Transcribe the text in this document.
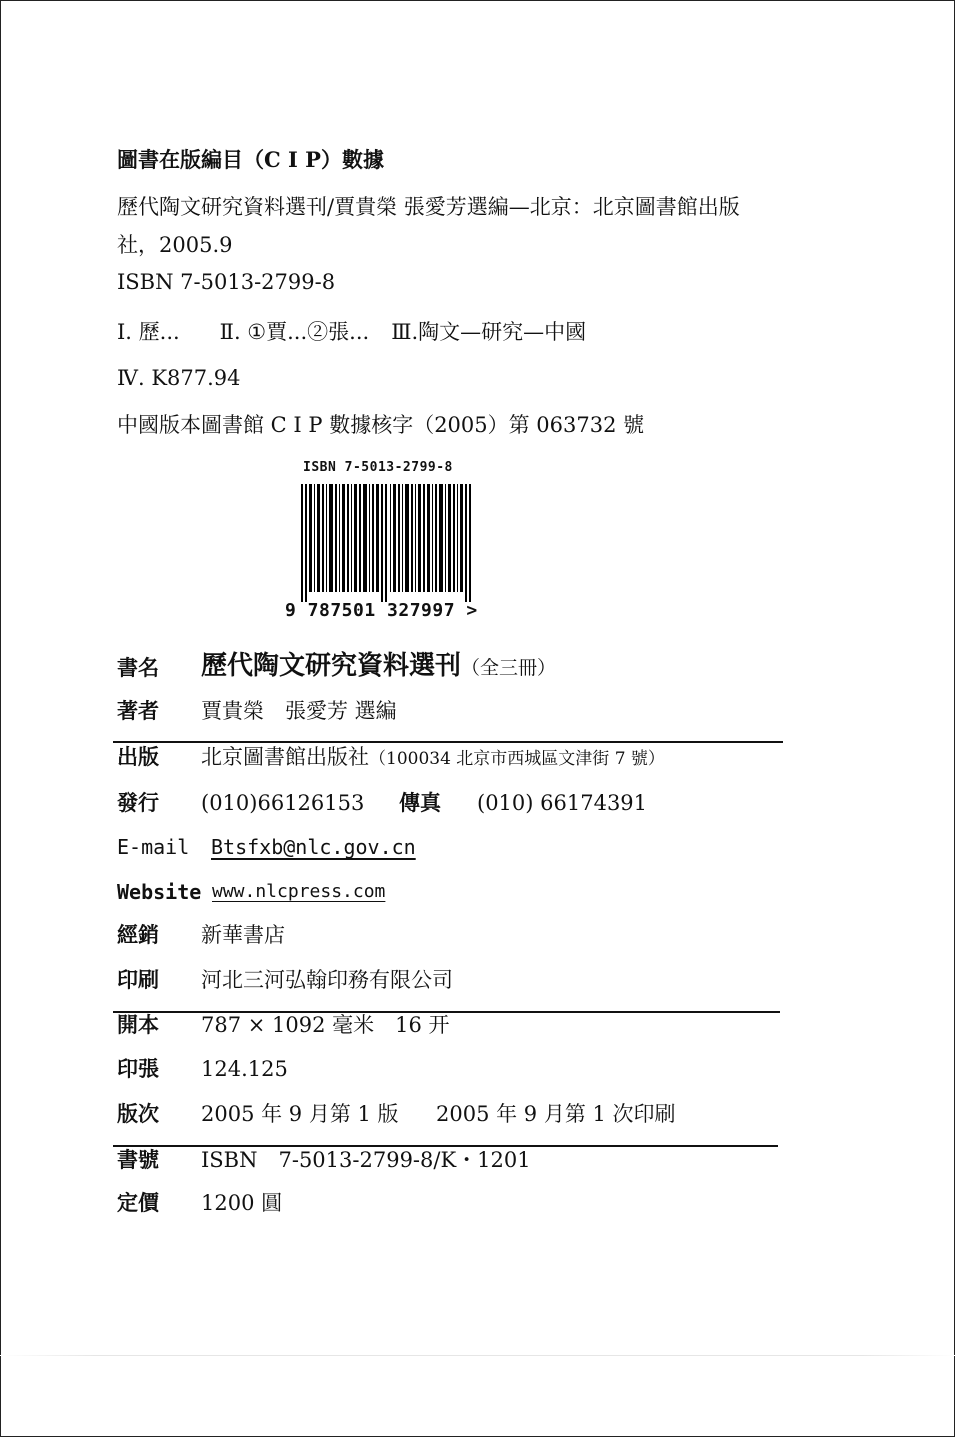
圖書在版編目（C I P）數據
歷代陶文研究資料選刊/賈貴榮 張愛芳選編—北京：北京圖書館出版
社，2005.9
ISBN 7-5013-2799-8
Ⅰ. 歷... Ⅱ. ①賈...②張... Ⅲ.陶文—研究—中國
Ⅳ. K877.94
中國版本圖書館 C I P 數據核字（2005）第 063732 號
ISBN 7-5013-2799-8
9 787501 327997 >
書名 歷代陶文研究資料選刊（全三冊）
著者 賈貴榮　張愛芳 選編
出版 北京圖書館出版社（100034 北京市西城區文津街 7 號）
發行 (010)66126153 傳真 (010) 66174391
E-mail Btsfxb@nlc.gov.cn
Website www.nlcpress.com
經銷 新華書店
印刷 河北三河弘翰印務有限公司
開本 787 × 1092 毫米　16 开
印張 124.125
版次 2005 年 9 月第 1 版 2005 年 9 月第 1 次印刷
書號 ISBN　7-5013-2799-8/K・1201
定價 1200 圓
